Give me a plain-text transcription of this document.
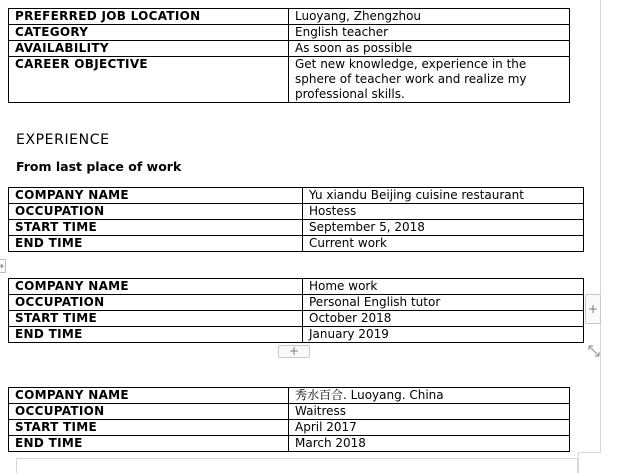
PREFERRED JOB LOCATION	Luoyang, Zhengzhou
CATEGORY	English teacher
AVAILABILITY	As soon as possible
CAREER OBJECTIVE	Get new knowledge, experience in the sphere of teacher work and realize my professional skills.
EXPERIENCE
From last place of work
COMPANY NAME	Yu xiandu Beijing cuisine restaurant
OCCUPATION	Hostess
START TIME	September 5, 2018
END TIME	Current work
COMPANY NAME	Home work
OCCUPATION	Personal English tutor
START TIME	October 2018
END TIME	January 2019
COMPANY NAME	秀水百合. Luoyang. China
OCCUPATION	Waitress
START TIME	April 2017
END TIME	March 2018
+
+
